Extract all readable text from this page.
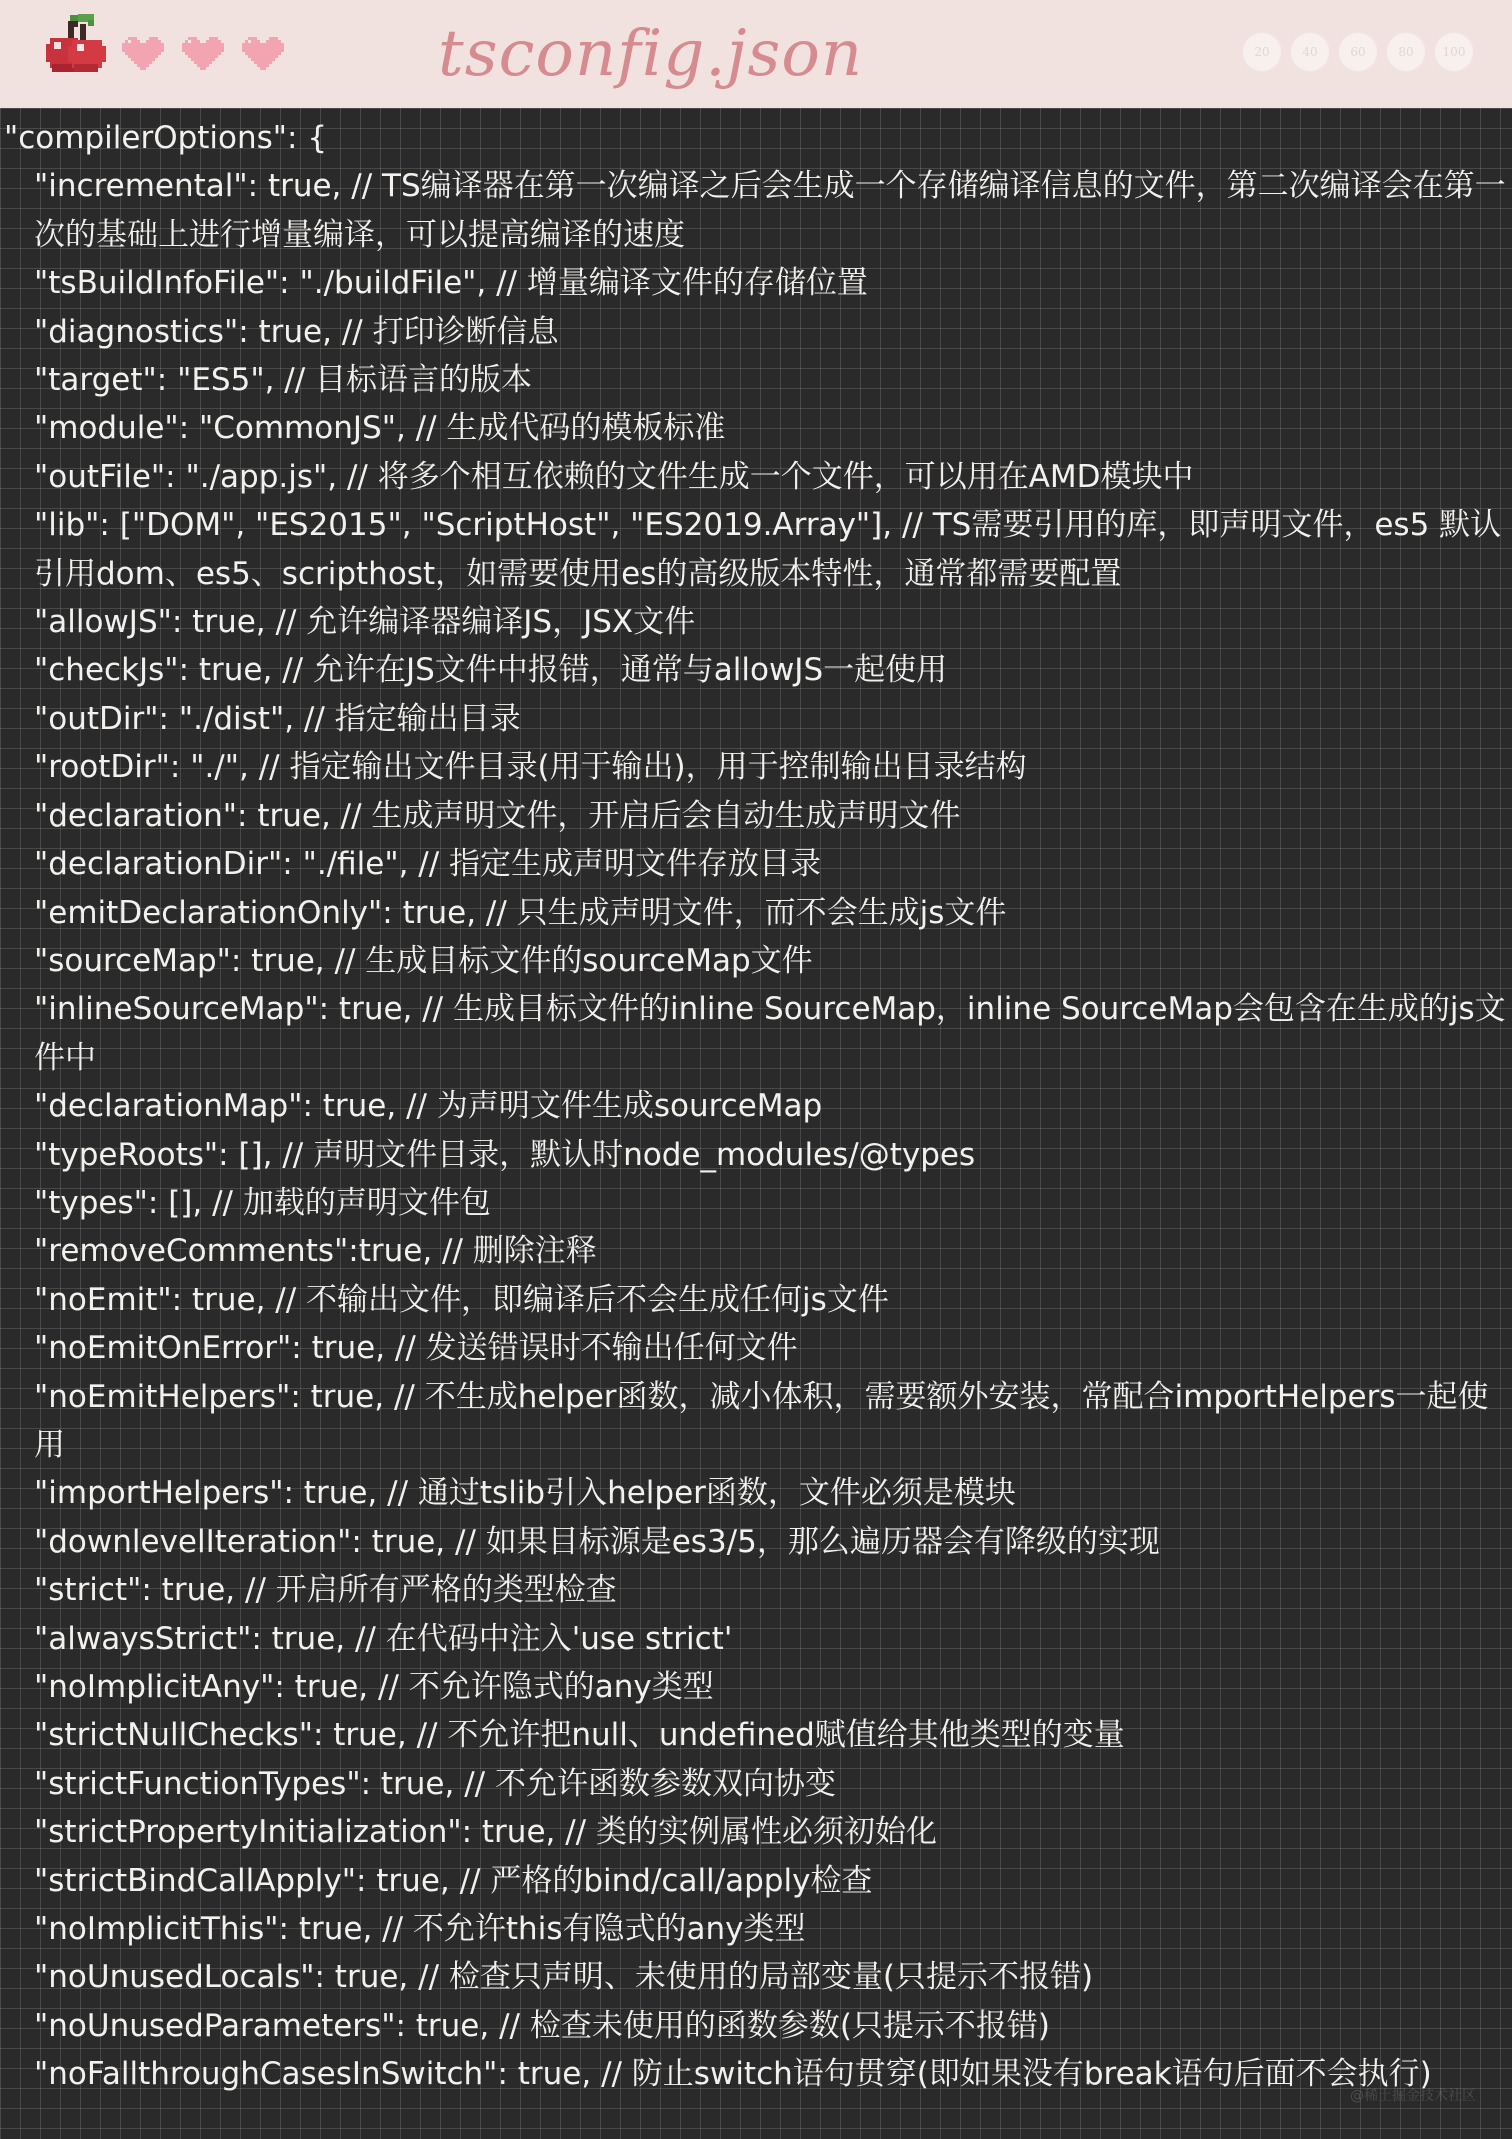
tsconfig.json	20	40	60	80	100
"compilerOptions": {
"incremental": true, // TS编译器在第一次编译之后会生成一个存储编译信息的文件，第二次编译会在第一次的基础上进行增量编译，可以提高编译的速度
"tsBuildInfoFile": "./buildFile", // 增量编译文件的存储位置
"diagnostics": true, // 打印诊断信息
"target": "ES5", // 目标语言的版本
"module": "CommonJS", // 生成代码的模板标准
"outFile": "./app.js", // 将多个相互依赖的文件生成一个文件，可以用在AMD模块中
"lib": ["DOM", "ES2015", "ScriptHost", "ES2019.Array"], // TS需要引用的库，即声明文件，es5 默认引用dom、es5、scripthost，如需要使用es的高级版本特性，通常都需要配置
"allowJS": true, // 允许编译器编译JS，JSX文件
"checkJs": true, // 允许在JS文件中报错，通常与allowJS一起使用
"outDir": "./dist", // 指定输出目录
"rootDir": "./", // 指定输出文件目录(用于输出)，用于控制输出目录结构
"declaration": true, // 生成声明文件，开启后会自动生成声明文件
"declarationDir": "./file", // 指定生成声明文件存放目录
"emitDeclarationOnly": true, // 只生成声明文件，而不会生成js文件
"sourceMap": true, // 生成目标文件的sourceMap文件
"inlineSourceMap": true, // 生成目标文件的inline SourceMap，inline SourceMap会包含在生成的js文件中
"declarationMap": true, // 为声明文件生成sourceMap
"typeRoots": [], // 声明文件目录，默认时node_modules/@types
"types": [], // 加载的声明文件包
"removeComments":true, // 删除注释
"noEmit": true, // 不输出文件，即编译后不会生成任何js文件
"noEmitOnError": true, // 发送错误时不输出任何文件
"noEmitHelpers": true, // 不生成helper函数，减小体积，需要额外安装，常配合importHelpers一起使用
"importHelpers": true, // 通过tslib引入helper函数，文件必须是模块
"downlevelIteration": true, // 如果目标源是es3/5，那么遍历器会有降级的实现
"strict": true, // 开启所有严格的类型检查
"alwaysStrict": true, // 在代码中注入'use strict'
"noImplicitAny": true, // 不允许隐式的any类型
"strictNullChecks": true, // 不允许把null、undefined赋值给其他类型的变量
"strictFunctionTypes": true, // 不允许函数参数双向协变
"strictPropertyInitialization": true, // 类的实例属性必须初始化
"strictBindCallApply": true, // 严格的bind/call/apply检查
"noImplicitThis": true, // 不允许this有隐式的any类型
"noUnusedLocals": true, // 检查只声明、未使用的局部变量(只提示不报错)
"noUnusedParameters": true, // 检查未使用的函数参数(只提示不报错)
"noFallthroughCasesInSwitch": true, // 防止switch语句贯穿(即如果没有break语句后面不会执行)
@稀土掘金技术社区
